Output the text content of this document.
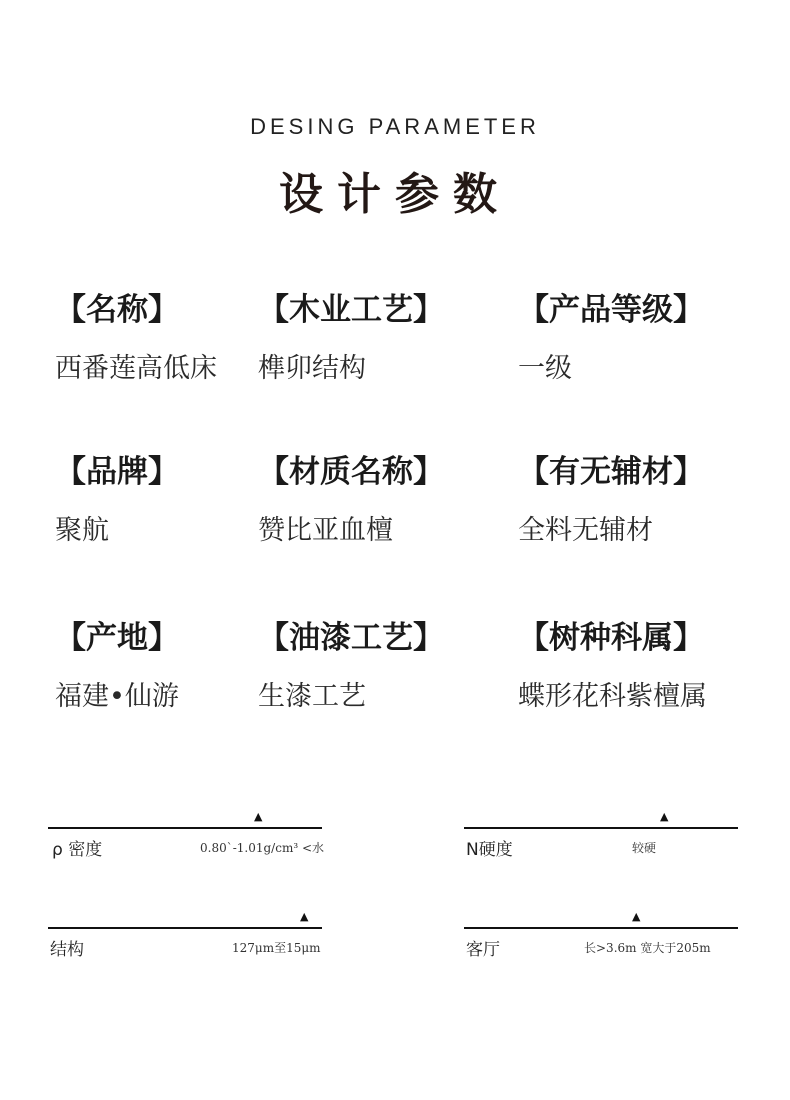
DESING PARAMETER
设计参数
【名称】
西番莲高低床
【木业工艺】
榫卯结构
【产品等级】
一级
【品牌】
聚航
【材质名称】
赞比亚血檀
【有无辅材】
全料无辅材
【产地】
福建•仙游
【油漆工艺】
生漆工艺
【树种科属】
蝶形花科紫檀属
▲
ρ 密度	0.80`-1.01g/cm³ <水
▲
N硬度	较硬
▲
结构	127μm至15μm
▲
客厅	长>3.6m 宽大于205m
